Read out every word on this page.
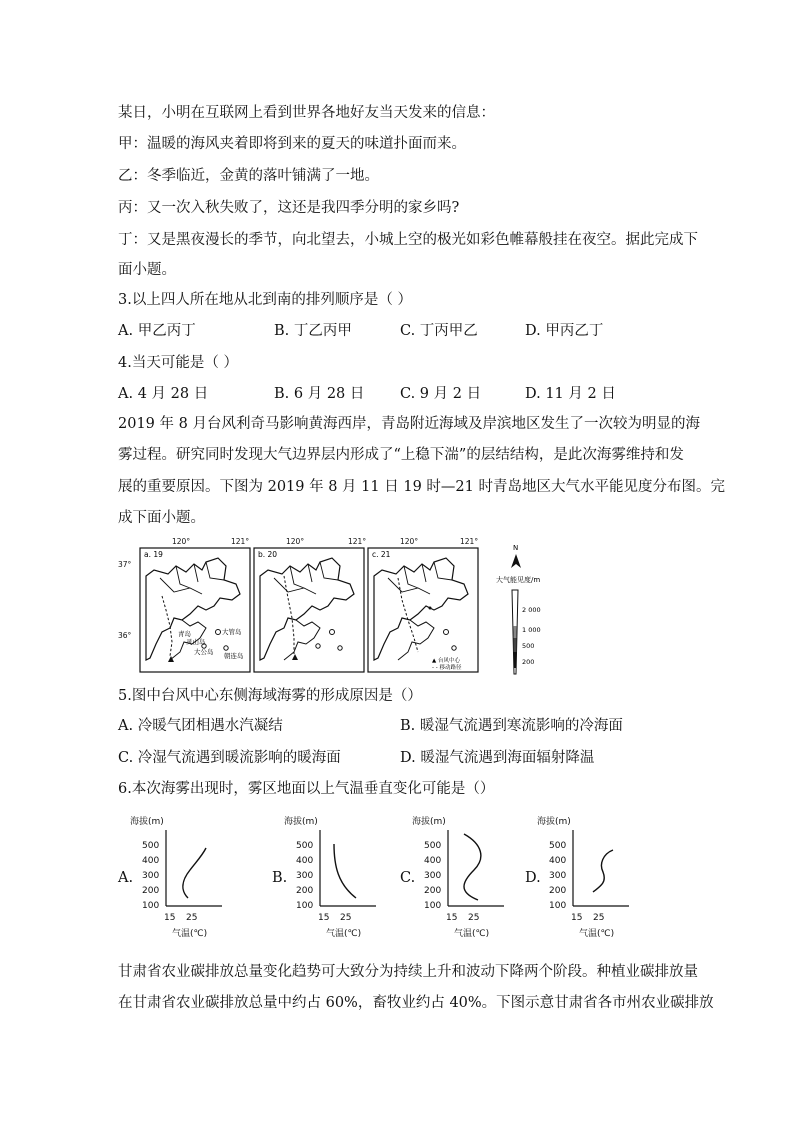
某日，小明在互联网上看到世界各地好友当天发来的信息：
甲：温暖的海风夹着即将到来的夏天的味道扑面而来。
乙：冬季临近，金黄的落叶铺满了一地。
丙：又一次入秋失败了，这还是我四季分明的家乡吗?
丁：又是黑夜漫长的季节，向北望去，小城上空的极光如彩色帷幕般挂在夜空。据此完成下
面小题。
3.以上四人所在地从北到南的排列顺序是（ ）
A. 甲乙丙丁	B. 丁乙丙甲	C. 丁丙甲乙	D. 甲丙乙丁
4.当天可能是（ ）
A. 4 月 28 日	B. 6 月 28 日 C. 9 月 2 日	D. 11 月 2 日
2019 年 8 月台风利奇马影响黄海西岸，青岛附近海域及岸滨地区发生了一次较为明显的海
雾过程。研究同时发现大气边界层内形成了“上稳下湍”的层结结构，是此次海雾维持和发
展的重要原因。下图为 2019 年 8 月 11 日 19 时—21 时青岛地区大气水平能见度分布图。完
成下面小题。
120°	121°	120°	121°	120°	121°
37°
36°
a. 19
青岛	大管岛
大公岛
灵山岛
朝连岛
b. 20	c. 21
▲ 台风中心
- - 移动路径
N
大气能见度/m
2 000
1 000
500
200
5.图中台风中心东侧海域海雾的形成原因是（）
A. 冷暖气团相遇水汽凝结	B. 暖湿气流遇到寒流影响的冷海面
C. 冷湿气流遇到暖流影响的暖海面	D. 暖湿气流遇到海面辐射降温
6.本次海雾出现时，雾区地面以上气温垂直变化可能是（）
A.
海拔(m)
500
400
300
200
100
15 25
气温(℃)
B.
海拔(m)
500
400
300
200
100
15 25
气温(℃)
C.
海拔(m)
500
400
300
200
100
15 25
气温(℃)
D.
海拔(m)
500
400
300
200
100
15 25
气温(℃)
甘肃省农业碳排放总量变化趋势可大致分为持续上升和波动下降两个阶段。种植业碳排放量
在甘肃省农业碳排放总量中约占 60%，畜牧业约占 40%。下图示意甘肃省各市州农业碳排放
